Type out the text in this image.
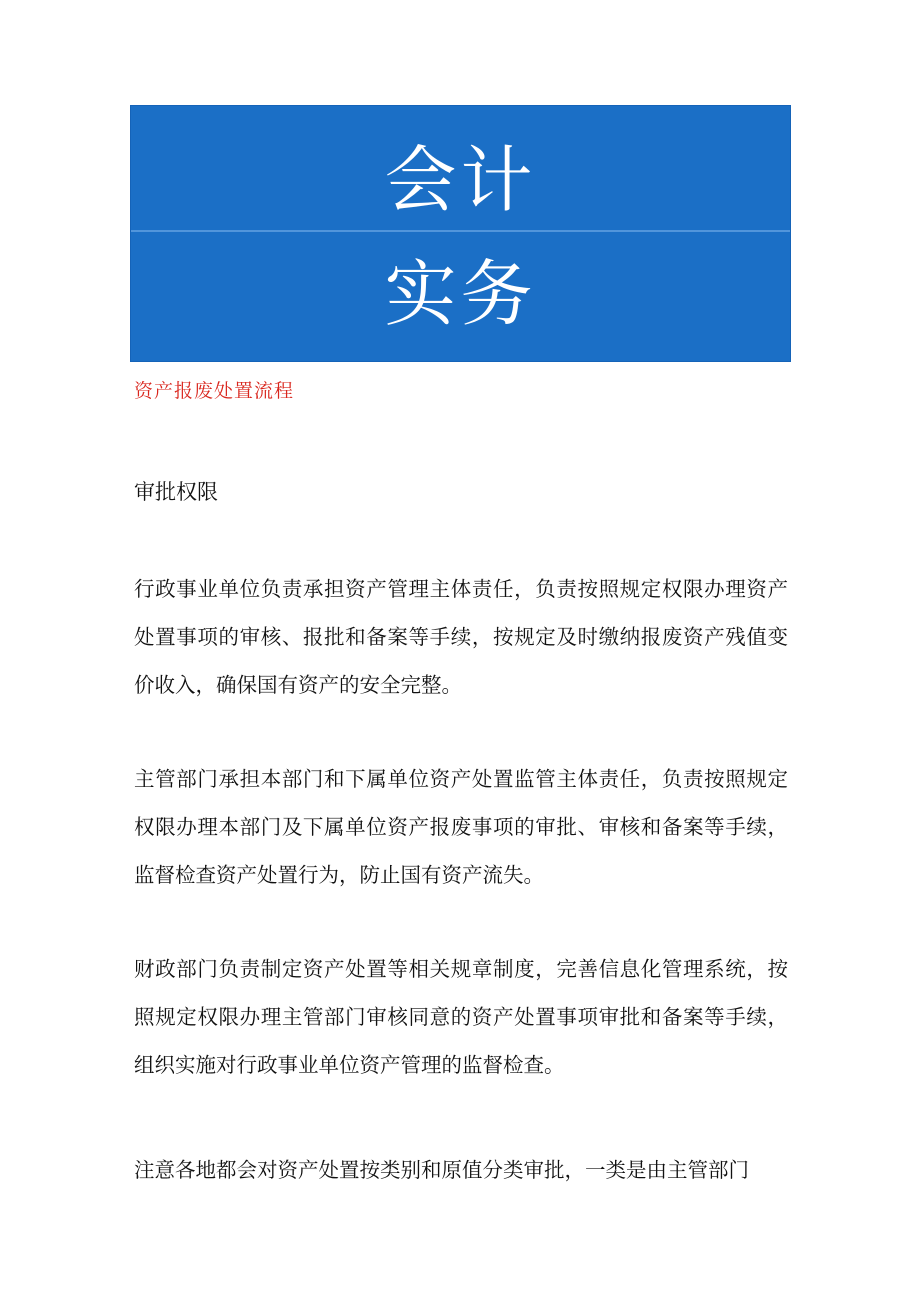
会计
实务
资产报废处置流程
审批权限

行政事业单位负责承担资产管理主体责任，负责按照规定权限办理资产处置事项的审核、报批和备案等手续，按规定及时缴纳报废资产残值变价收入，确保国有资产的安全完整。

主管部门承担本部门和下属单位资产处置监管主体责任，负责按照规定权限办理本部门及下属单位资产报废事项的审批、审核和备案等手续，监督检查资产处置行为，防止国有资产流失。

财政部门负责制定资产处置等相关规章制度，完善信息化管理系统，按照规定权限办理主管部门审核同意的资产处置事项审批和备案等手续，组织实施对行政事业单位资产管理的监督检查。

注意各地都会对资产处置按类别和原值分类审批，一类是由主管部门
